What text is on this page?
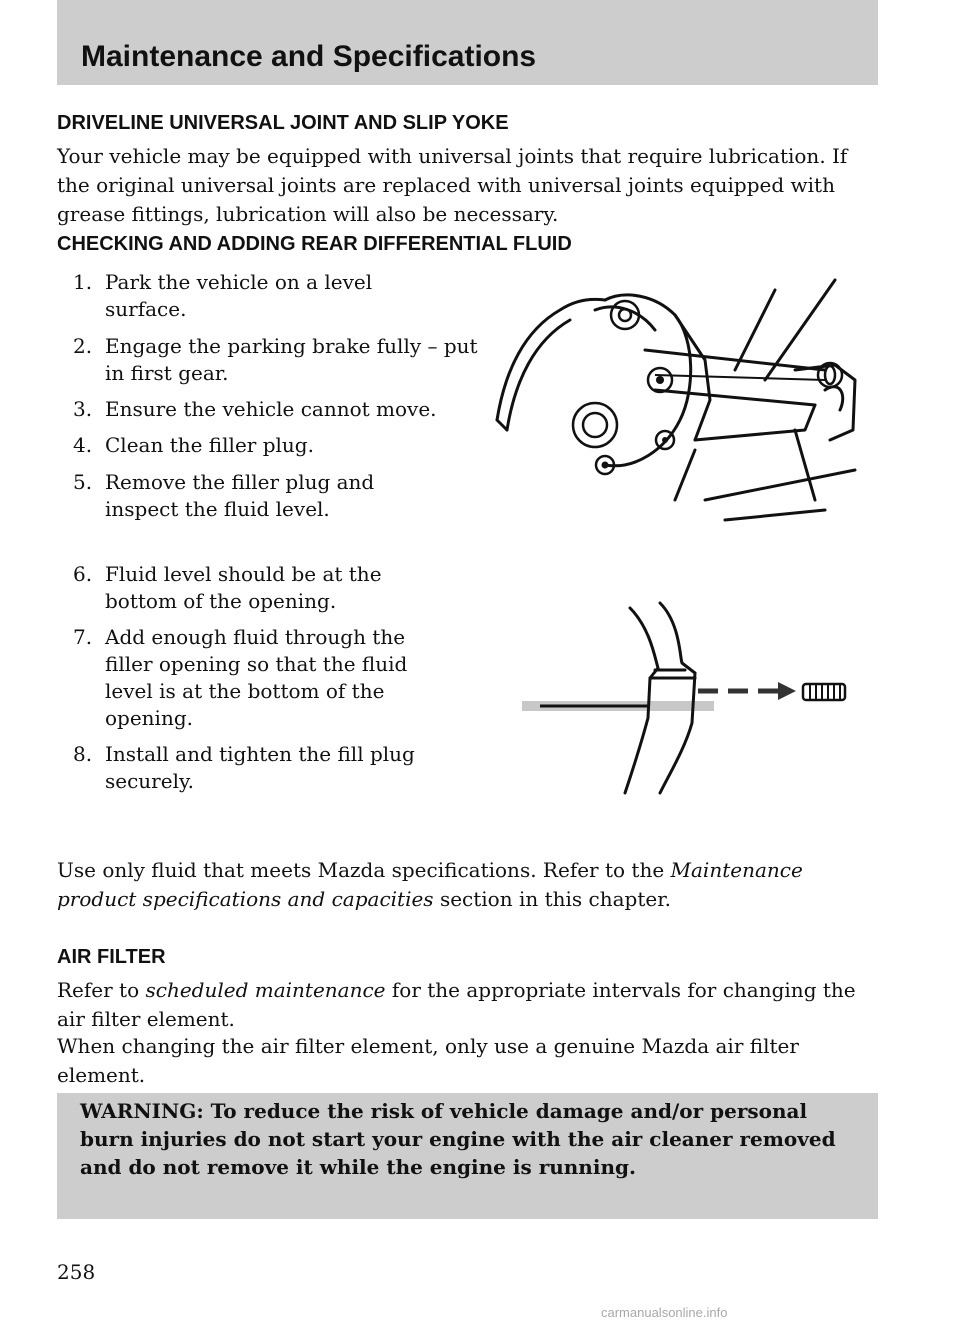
Maintenance and Specifications
DRIVELINE UNIVERSAL JOINT AND SLIP YOKE

Your vehicle may be equipped with universal joints that require lubrication. If the original universal joints are replaced with universal joints equipped with grease fittings, lubrication will also be necessary.

CHECKING AND ADDING REAR DIFFERENTIAL FLUID
1. Park the vehicle on a level surface.
2. Engage the parking brake fully – put in first gear.
3. Ensure the vehicle cannot move.
4. Clean the filler plug.
5. Remove the filler plug and inspect the fluid level.
6. Fluid level should be at the bottom of the opening.
7. Add enough fluid through the filler opening so that the fluid level is at the bottom of the opening.
8. Install and tighten the fill plug securely.

Use only fluid that meets Mazda specifications. Refer to the Maintenance product specifications and capacities section in this chapter.

AIR FILTER

Refer to scheduled maintenance for the appropriate intervals for changing the air filter element.

When changing the air filter element, only use a genuine Mazda air filter element.

WARNING: To reduce the risk of vehicle damage and/or personal burn injuries do not start your engine with the air cleaner removed and do not remove it while the engine is running.
258
carmanualsonline.info
